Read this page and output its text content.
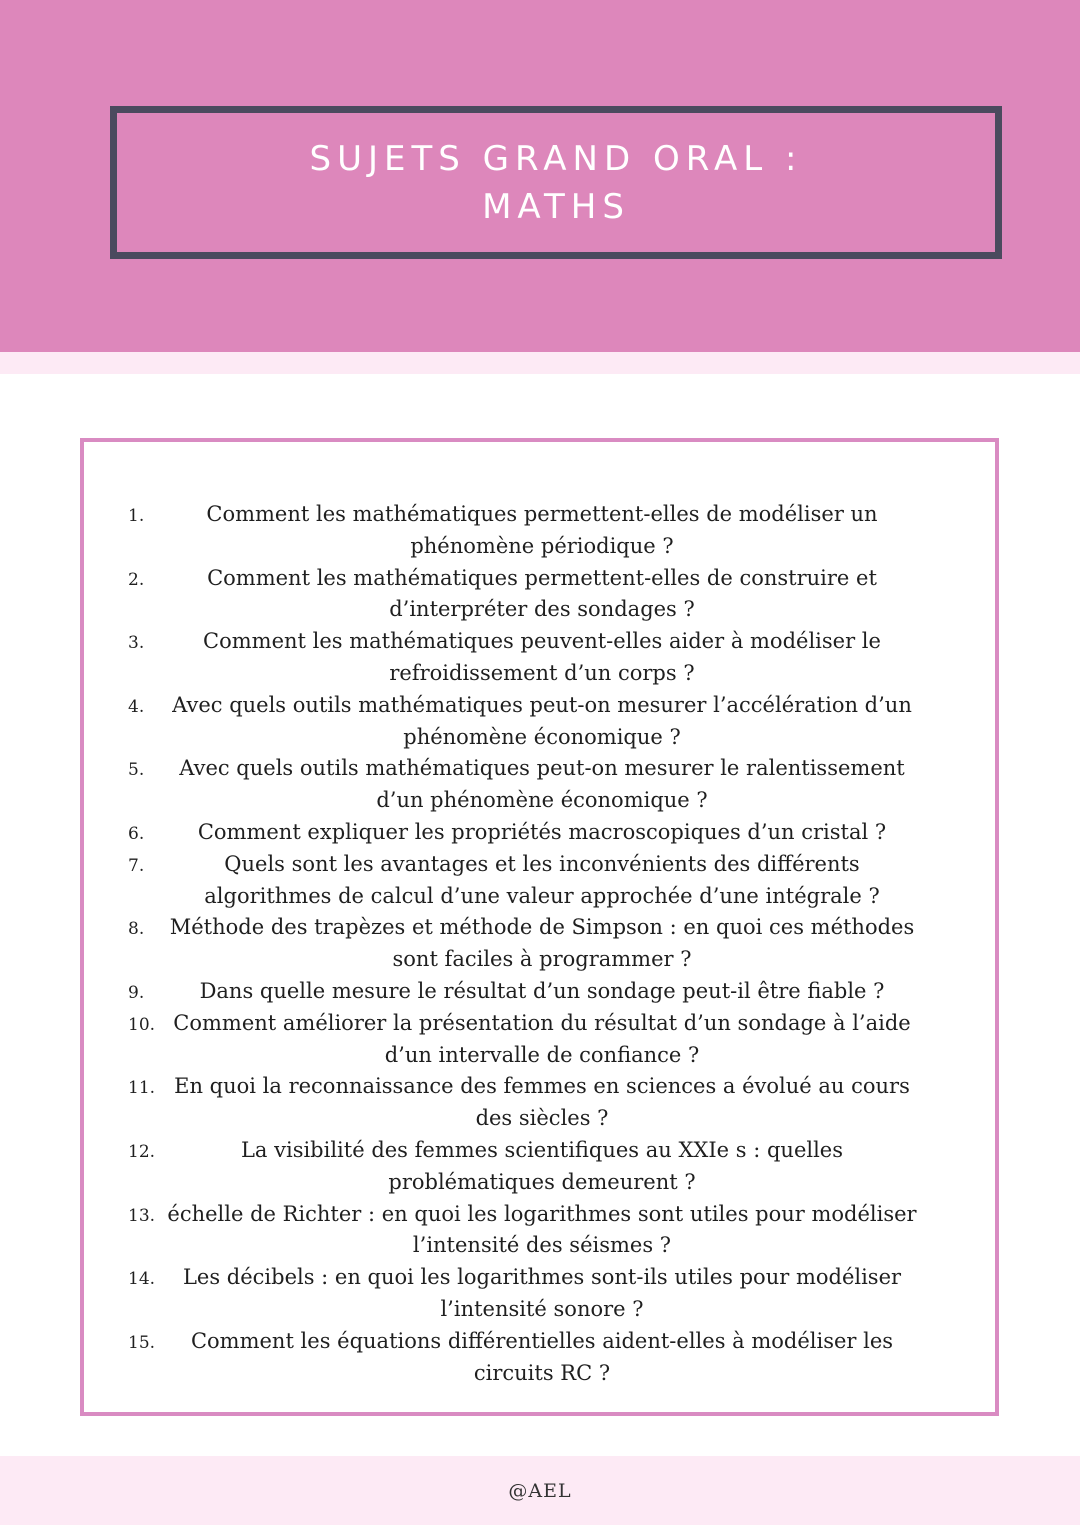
SUJETS GRAND ORAL :
MATHS
1.	Comment les mathématiques permettent-elles de modéliser un phénomène périodique ?
2.	Comment les mathématiques permettent-elles de construire et d’interpréter des sondages ?
3.	Comment les mathématiques peuvent-elles aider à modéliser le refroidissement d’un corps ?
4. Avec quels outils mathématiques peut-on mesurer l’accélération d’un phénomène économique ?
5. Avec quels outils mathématiques peut-on mesurer le ralentissement d’un phénomène économique ?
6.	Comment expliquer les propriétés macroscopiques d’un cristal ?
7.	Quels sont les avantages et les inconvénients des différents algorithmes de calcul d’une valeur approchée d’une intégrale ?
8. Méthode des trapèzes et méthode de Simpson : en quoi ces méthodes sont faciles à programmer ?
9.	Dans quelle mesure le résultat d’un sondage peut-il être fiable ?
10. Comment améliorer la présentation du résultat d’un sondage à l’aide d’un intervalle de confiance ?
11. En quoi la reconnaissance des femmes en sciences a évolué au cours des siècles ?
12.	La visibilité des femmes scientifiques au XXIe s : quelles problématiques demeurent ?
13. échelle de Richter : en quoi les logarithmes sont utiles pour modéliser l’intensité des séismes ?
14. Les décibels : en quoi les logarithmes sont-ils utiles pour modéliser l’intensité sonore ?
15. Comment les équations différentielles aident-elles à modéliser les circuits RC ?
@AEL
